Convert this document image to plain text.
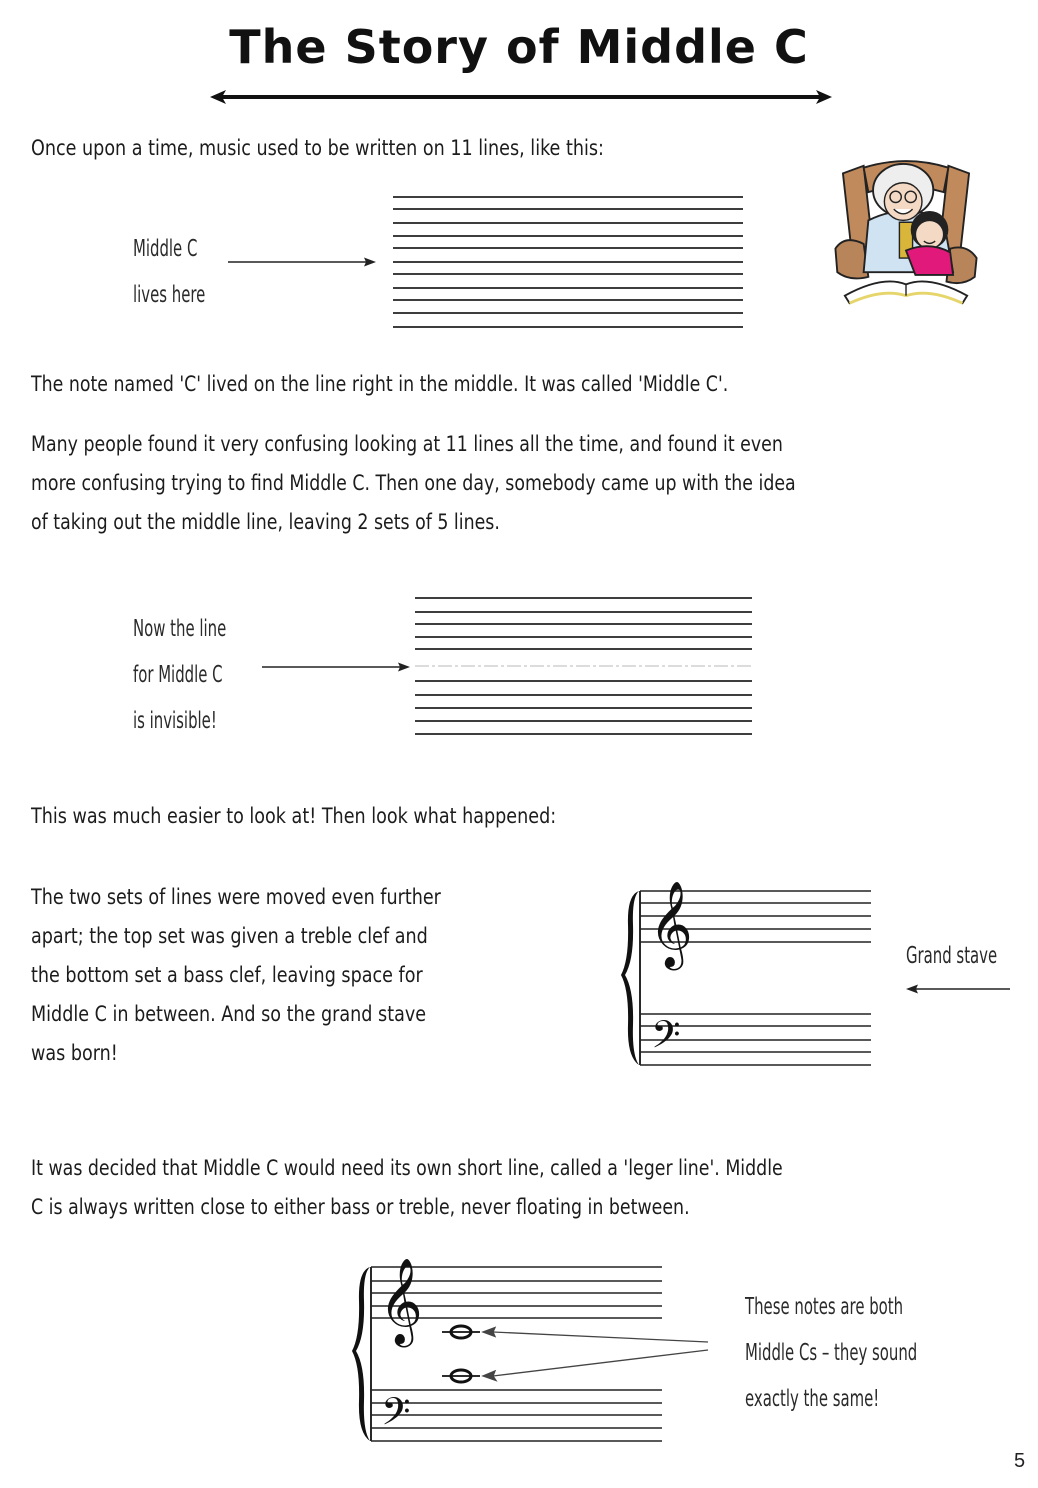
The Story of Middle C

Once upon a time, music used to be written on 11 lines, like this:

Middle C
lives here

The note named 'C' lived on the line right in the middle. It was called 'Middle C'.

Many people found it very confusing looking at 11 lines all the time, and found it even

more confusing trying to find Middle C. Then one day, somebody came up with the idea

of taking out the middle line, leaving 2 sets of 5 lines.

Now the line
for Middle C
is invisible!

This was much easier to look at! Then look what happened:

The two sets of lines were moved even further

apart; the top set was given a treble clef and

the bottom set a bass clef, leaving space for

Middle C in between. And so the grand stave

was born!

𝄞
𝄢
Grand stave

It was decided that Middle C would need its own short line, called a 'leger line'. Middle

C is always written close to either bass or treble, never floating in between.

𝄞
𝄢
These notes are both
Middle Cs – they sound
exactly the same!
5
